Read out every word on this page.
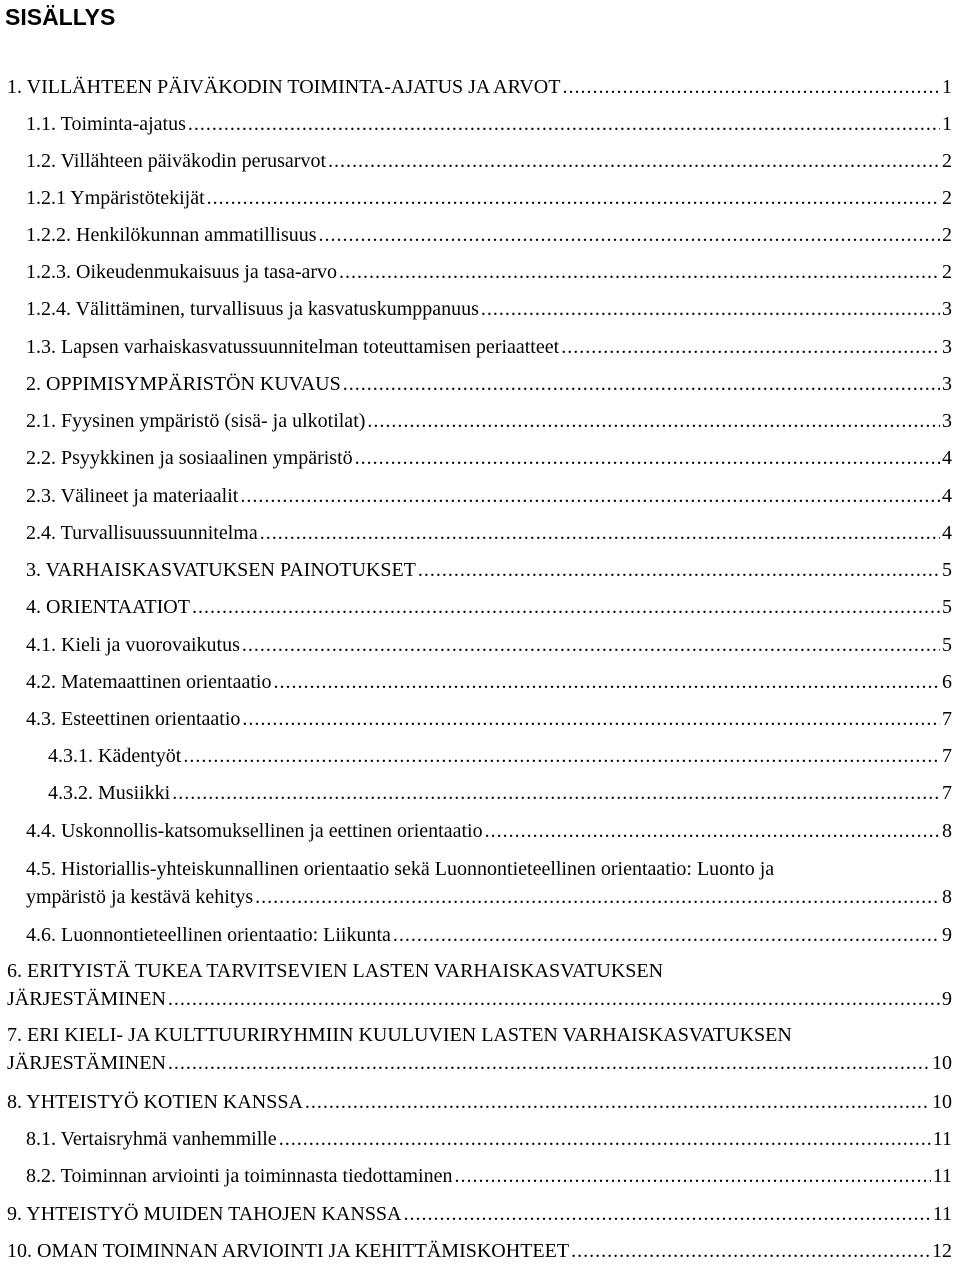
SISÄLLYS
1. VILLÄHTEEN PÄIVÄKODIN TOIMINTA-AJATUS JA ARVOT . . .	1
1.1. Toiminta-ajatus . . .	1
1.2. Villähteen päiväkodin perusarvot . . .	2
1.2.1 Ympäristötekijät . . .	2
1.2.2. Henkilökunnan ammatillisuus . . .	2
1.2.3. Oikeudenmukaisuus ja tasa-arvo . . .	2
1.2.4. Välittäminen, turvallisuus ja kasvatuskumppanuus . . .	3
1.3. Lapsen varhaiskasvatussuunnitelman toteuttamisen periaatteet . . .	3
2. OPPIMISYMPÄRISTÖN KUVAUS . . .	3
2.1. Fyysinen ympäristö (sisä- ja ulkotilat) . . .	3
2.2. Psyykkinen ja sosiaalinen ympäristö . . .	4
2.3. Välineet ja materiaalit . . .	4
2.4. Turvallisuussuunnitelma . . .	4
3. VARHAISKASVATUKSEN PAINOTUKSET . . .	5
4. ORIENTAATIOT . . .	5
4.1. Kieli ja vuorovaikutus . . .	5
4.2. Matemaattinen orientaatio . . .	6
4.3. Esteettinen orientaatio . . .	7
4.3.1. Kädentyöt . . .	7
4.3.2. Musiikki . . .	7
4.4. Uskonnollis-katsomuksellinen ja eettinen orientaatio . . .	8
4.5. Historiallis-yhteiskunnallinen orientaatio sekä Luonnontieteellinen orientaatio: Luonto ja
ympäristö ja kestävä kehitys . . .	8
4.6. Luonnontieteellinen orientaatio: Liikunta . . .	9
6. ERITYISTÄ TUKEA TARVITSEVIEN LASTEN VARHAISKASVATUKSEN
JÄRJESTÄMINEN . . .	9
7. ERI KIELI- JA KULTTUURIRYHMIIN KUULUVIEN LASTEN VARHAISKASVATUKSEN
JÄRJESTÄMINEN . . .	10
8. YHTEISTYÖ KOTIEN KANSSA . . .	10
8.1. Vertaisryhmä vanhemmille . . .	11
8.2. Toiminnan arviointi ja toiminnasta tiedottaminen . . .	11
9. YHTEISTYÖ MUIDEN TAHOJEN KANSSA . . .	11
10. OMAN TOIMINNAN ARVIOINTI JA KEHITTÄMISKOHTEET . . .	12
